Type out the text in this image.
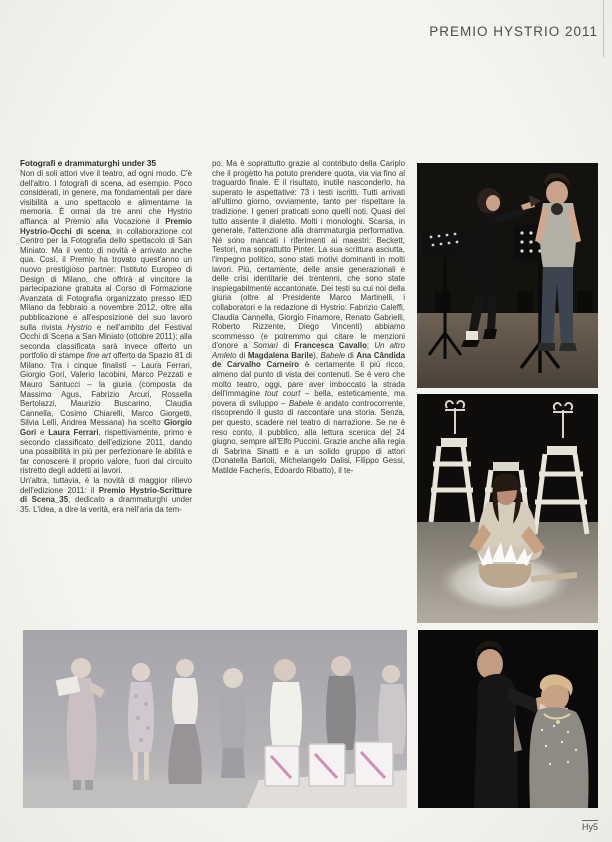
PREMIO HYSTRIO 2011
Fotografi e drammaturghi under 35

Non di soli attori vive il teatro, ad ogni modo. C'è dell'altro. I fotografi di scena, ad esempio. Poco considerati, in genere, ma fondamentali per dare visibilità a uno spettacolo e alimentarne la memoria. È ormai da tre anni che Hystrio affianca al Premio alla Vocazione il Premio Hystrio-Occhi di scena, in collaborazione col Centro per la Fotografia dello spettacolo di San Miniato. Ma il vento di novità è arrivato anche qua. Così, il Premio ha trovato quest'anno un nuovo prestigioso partner: l'Istituto Europeo di Design di Milano, che offrirà al vincitore la partecipazione gratuita al Corso di Formazione Avanzata di Fotografia organizzato presso IED Milano da febbraio a novembre 2012, oltre alla pubblicazione e all'esposizione del suo lavoro sulla rivista Hystrio e nell'ambito del Festival Occhi di Scena a San Miniato (ottobre 2011); alla seconda classificata sarà invece offerto un portfolio di stampe fine art offerto da Spazio 81 di Milano. Tra i cinque finalisti – Laura Ferrari, Giorgio Gori, Valerio Iacobini, Marco Pezzati e Mauro Santucci – la giuria (composta da Massimo Agus, Fabrizio Arcuri, Rossella Bertolazzi, Maurizio Buscarino, Claudia Cannella, Cosimo Chiarelli, Marco Giorgetti, Silvia Lelli, Andrea Messana) ha scelto Giorgio Gori e Laura Ferrari, rispettivamente, primo e secondo classificato dell'edizione 2011, dando una possibilità in più per perfezionare le abilità e far conoscere il proprio valore, fuori dal circuito ristretto degli addetti ai lavori.

Un'altra, tuttavia, è la novità di maggior rilievo dell'edizione 2011: il Premio Hystrio-Scritture di Scena_35, dedicato a drammaturghi under 35. L'idea, a dire la verità, era nell'aria da tem-

po. Ma è soprattutto grazie al contributo della Cariplo che il progetto ha potuto prendere quota, via via fino al traguardo finale. E il risultato, inutile nasconderlo, ha superato le aspettative: 73 i testi iscritti. Tutti arrivati all'ultimo giorno, ovviamente, tanto per rispettare la tradizione. I generi praticati sono quelli noti. Quasi del tutto assente il dialetto. Molti i monologhi. Scarsa, in generale, l'attenzione alla drammaturgia performativa. Né sono mancati i riferimenti ai maestri: Beckett, Testori, ma soprattutto Pinter. La sua scrittura asciutta, l'impegno politico, sono stati motivi dominanti in molti lavori. Più, certamente, delle ansie generazionali e delle crisi identitarie dei trentenni, che sono state inspiegabilmente accantonate. Dei testi su cui noi della giuria (oltre al Presidente Marco Martinelli, i collaboratori e la redazione di Hystrio: Fabrizio Caleffi, Claudia Cannella, Giorgio Finamore, Renato Gabrielli, Roberto Rizzente, Diego Vincenti) abbiamo scommesso (e potremmo qui citare le menzioni d'onore a Somari di Francesca Cavallo; Un altro Amleto di Magdalena Barile), Babele di Ana Cândida de Carvalho Carneiro è certamente il più ricco, almeno dal punto di vista dei contenuti. Se è vero che molto teatro, oggi, pare aver imboccato la strada dell'immagine tout court – bella, esteticamente, ma povera di sviluppo – Babele è andato controcorrente, riscoprendo il gusto di raccontare una storia. Senza, per questo, scadere nel teatro di narrazione. Se ne è reso conto, il pubblico, alla lettura scenica del 24 giugno, sempre all'Elfo Puccini. Grazie anche alla regia di Sabrina Sinatti e a un solido gruppo di attori (Donatella Bartoli, Michelangelo Dalisi, Filippo Gessi, Matilde Facheris, Edoardo Ribatto), il te-

Hy5
